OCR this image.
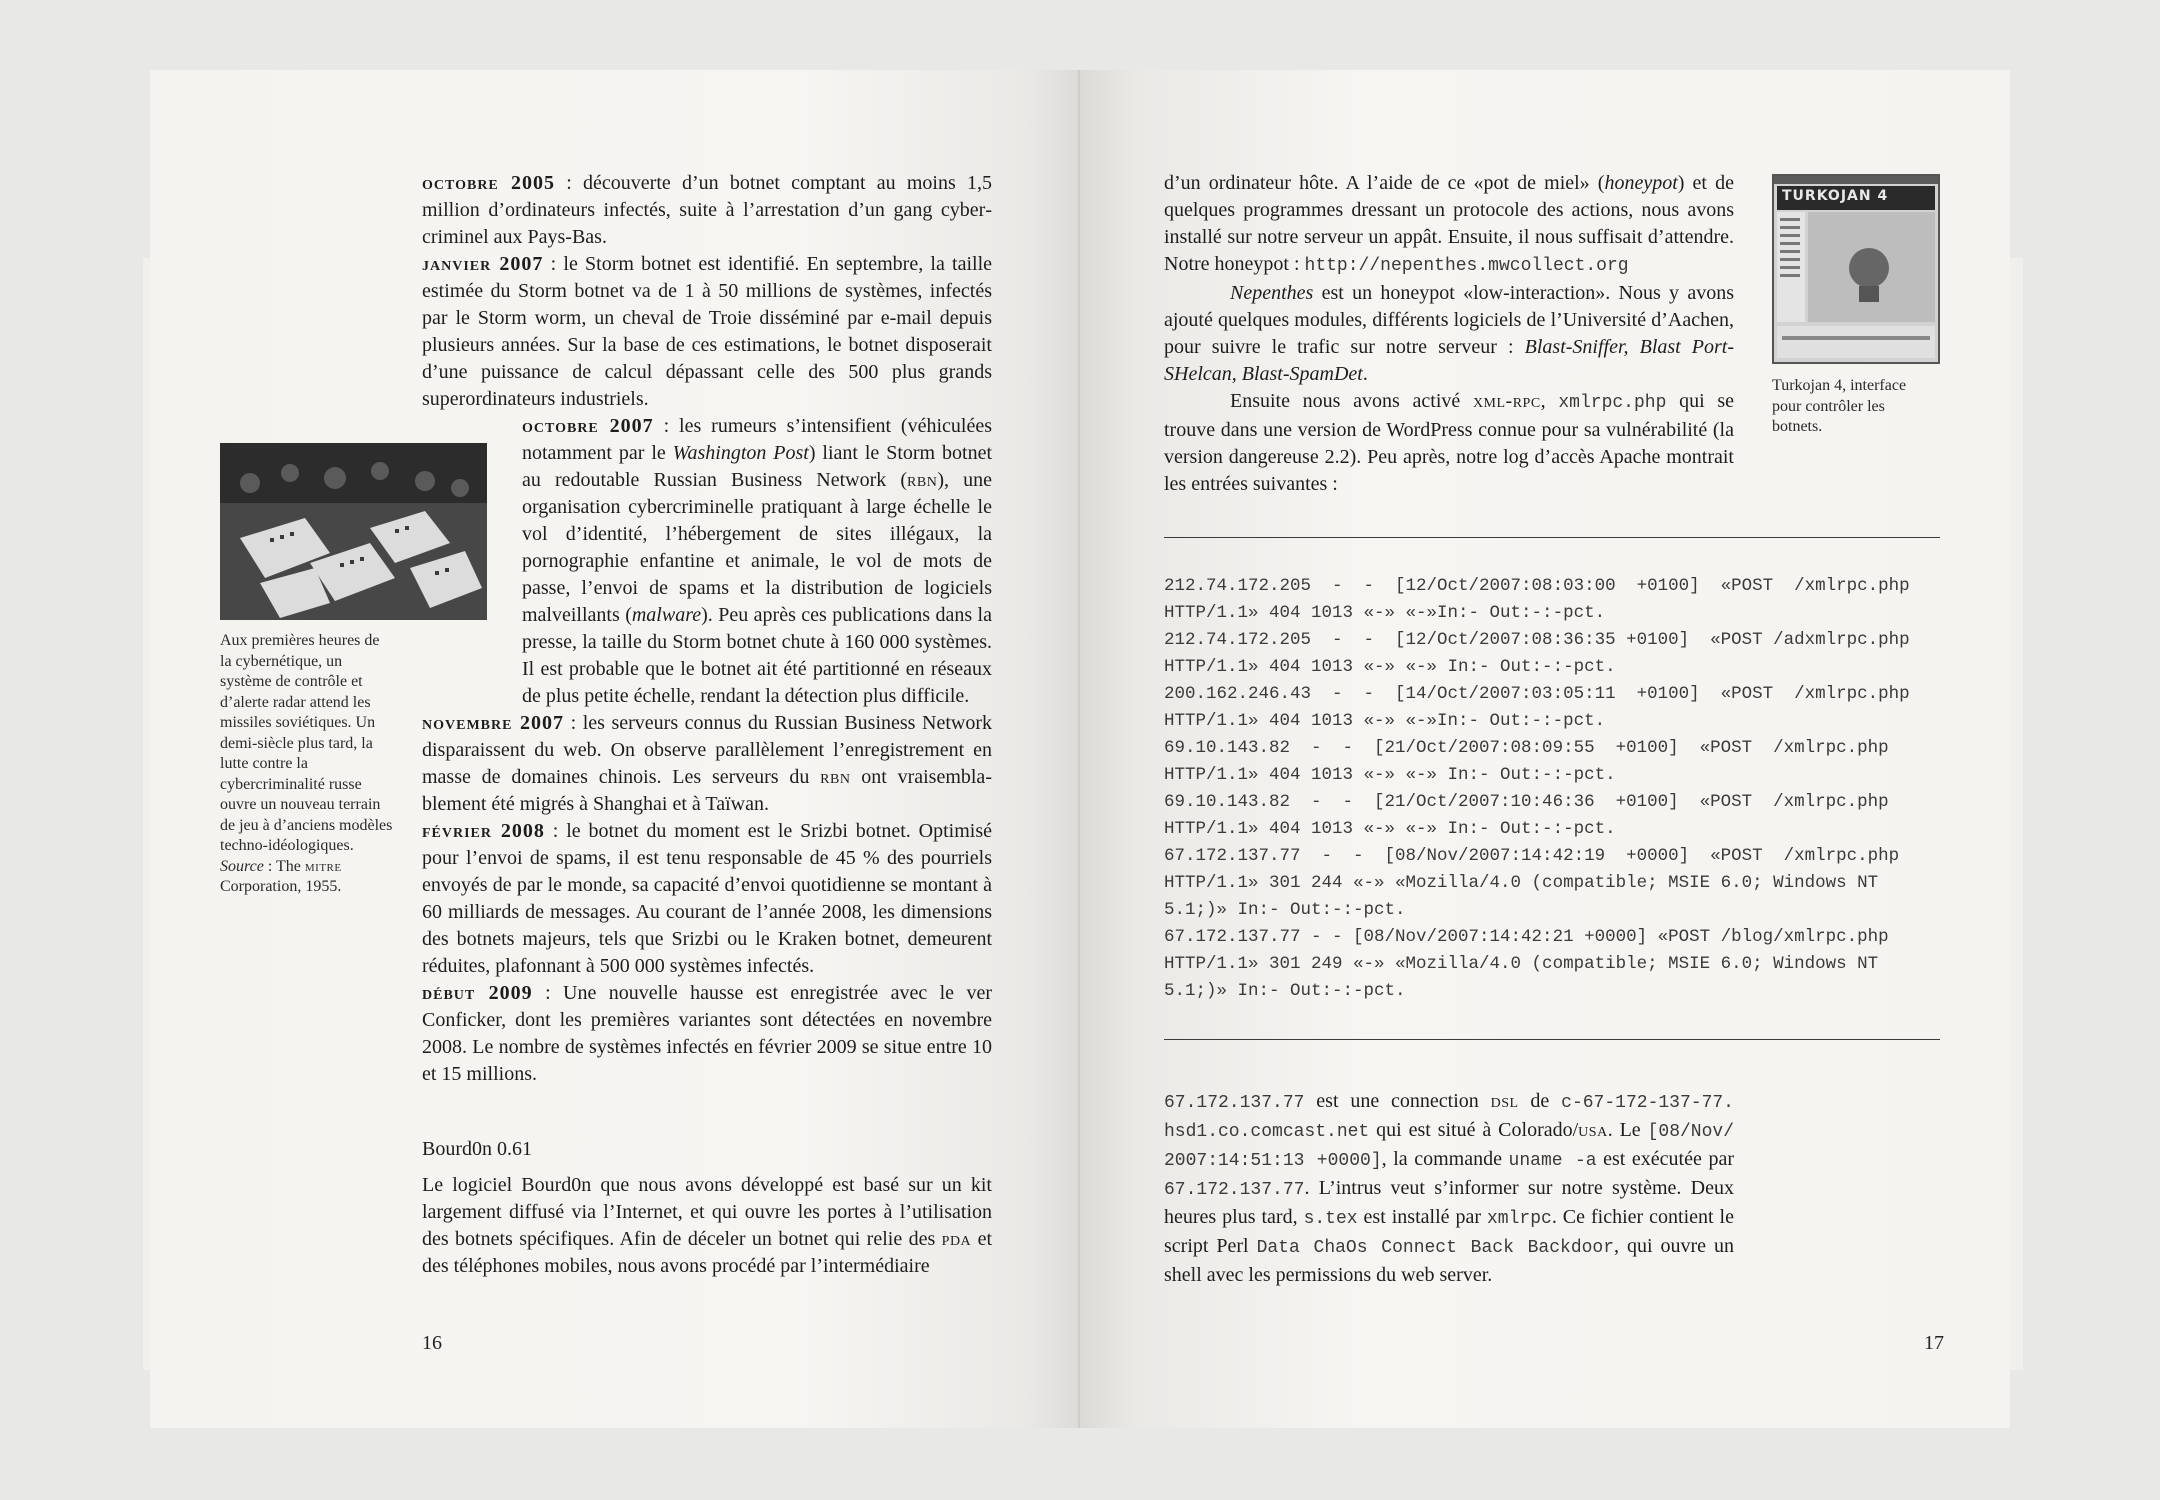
octobre 2005 : découverte d’un botnet comptant au moins 1,5 million d’ordinateurs infectés, suite à l’arrestation d’un gang cybercriminel aux Pays-Bas.

janvier 2007 : le Storm botnet est identifié. En septembre, la taille estimée du Storm botnet va de 1 à 50 millions de systèmes, infectés par le Storm worm, un cheval de Troie disséminé par e-mail depuis plusieurs années. Sur la base de ces estimations, le botnet disposerait d’une puissance de calcul dépassant celle des 500 plus grands superordinateurs industriels.

Aux premières heures de la cybernétique, un système de contrôle et d’alerte radar attend les missiles soviétiques. Un demi-siècle plus tard, la lutte contre la cybercriminalité russe ouvre un nouveau terrain de jeu à d’anciens modèles techno-idéologiques. Source : The mitre Corporation, 1955.

octobre 2007 : les rumeurs s’intensifient (véhiculées notamment par le Washington Post) liant le Storm botnet au redoutable Russian Business Network (rbn), une organisation cybercriminelle pratiquant à large échelle le vol d’identité, l’hébergement de sites illégaux, la pornographie enfantine et animale, le vol de mots de passe, l’envoi de spams et la distribution de logiciels malveillants (malware). Peu après ces publications dans la presse, la taille du Storm botnet chute à 160 000 systèmes. Il est probable que le botnet ait été partitionné en réseaux de plus petite échelle, rendant la détection plus difficile.

novembre 2007 : les serveurs connus du Russian Business Network disparaissent du web. On observe parallèlement l’enregistrement en masse de domaines chinois. Les serveurs du rbn ont vraisemblablement été migrés à Shanghai et à Taïwan.

février 2008 : le botnet du moment est le Srizbi botnet. Optimisé pour l’envoi de spams, il est tenu responsable de 45 % des pourriels envoyés de par le monde, sa capacité d’envoi quotidienne se montant à 60 milliards de messages. Au courant de l’année 2008, les dimensions des botnets majeurs, tels que Srizbi ou le Kraken botnet, demeurent réduites, plafonnant à 500 000 systèmes infectés.

début 2009 : Une nouvelle hausse est enregistrée avec le ver Conficker, dont les premières variantes sont détectées en novembre 2008. Le nombre de systèmes infectés en février 2009 se situe entre 10 et 15 millions.

Bourd0n 0.61

Le logiciel Bourd0n que nous avons développé est basé sur un kit largement diffusé via l’Internet, et qui ouvre les portes à l’utilisation des botnets spécifiques. Afin de déceler un botnet qui relie des pda et des téléphones mobiles, nous avons procédé par l’intermédiaire

16

d’un ordinateur hôte. A l’aide de ce «pot de miel» (honeypot) et de quelques programmes dressant un protocole des actions, nous avons installé sur notre serveur un appât. Ensuite, il nous suffisait d’attendre. Notre honeypot : http://nepenthes.mwcollect.org

Nepenthes est un honeypot «low-interaction». Nous y avons ajouté quelques modules, différents logiciels de l’Université d’Aachen, pour suivre le trafic sur notre serveur : Blast-Sniffer, Blast Port-SHelcan, Blast-SpamDet.

Ensuite nous avons activé xml-rpc, xmlrpc.php qui se trouve dans une version de WordPress connue pour sa vulnérabilité (la version dangereuse 2.2). Peu après, notre log d’accès Apache montrait les entrées suivantes :

TURKOJAN 4
Turkojan 4, interface pour contrôler les botnets.
212.74.172.205  -  -  [12/Oct/2007:08:03:00  +0100]  «POST  /xmlrpc.php
HTTP/1.1» 404 1013 «-» «-»In:- Out:-:-pct.
212.74.172.205  -  -  [12/Oct/2007:08:36:35 +0100]  «POST /adxmlrpc.php
HTTP/1.1» 404 1013 «-» «-» In:- Out:-:-pct.
200.162.246.43  -  -  [14/Oct/2007:03:05:11  +0100]  «POST  /xmlrpc.php
HTTP/1.1» 404 1013 «-» «-»In:- Out:-:-pct.
69.10.143.82  -  -  [21/Oct/2007:08:09:55  +0100]  «POST  /xmlrpc.php
HTTP/1.1» 404 1013 «-» «-» In:- Out:-:-pct.
69.10.143.82  -  -  [21/Oct/2007:10:46:36  +0100]  «POST  /xmlrpc.php
HTTP/1.1» 404 1013 «-» «-» In:- Out:-:-pct.
67.172.137.77  -  -  [08/Nov/2007:14:42:19  +0000]  «POST  /xmlrpc.php
HTTP/1.1» 301 244 «-» «Mozilla/4.0 (compatible; MSIE 6.0; Windows NT
5.1;)» In:- Out:-:-pct.
67.172.137.77 - - [08/Nov/2007:14:42:21 +0000] «POST /blog/xmlrpc.php
HTTP/1.1» 301 249 «-» «Mozilla/4.0 (compatible; MSIE 6.0; Windows NT
5.1;)» In:- Out:-:-pct.

67.172.137.77 est une connection dsl de c-67-172-137-77. hsd1.co.comcast.net qui est situé à Colorado/usa. Le [08/Nov/ 2007:14:51:13 +0000], la commande uname -a est exécutée par 67.172.137.77. L’intrus veut s’informer sur notre système. Deux heures plus tard, s.tex est installé par xmlrpc. Ce fichier contient le script Perl Data ChaOs Connect Back Backdoor, qui ouvre un shell avec les permissions du web server.

17
